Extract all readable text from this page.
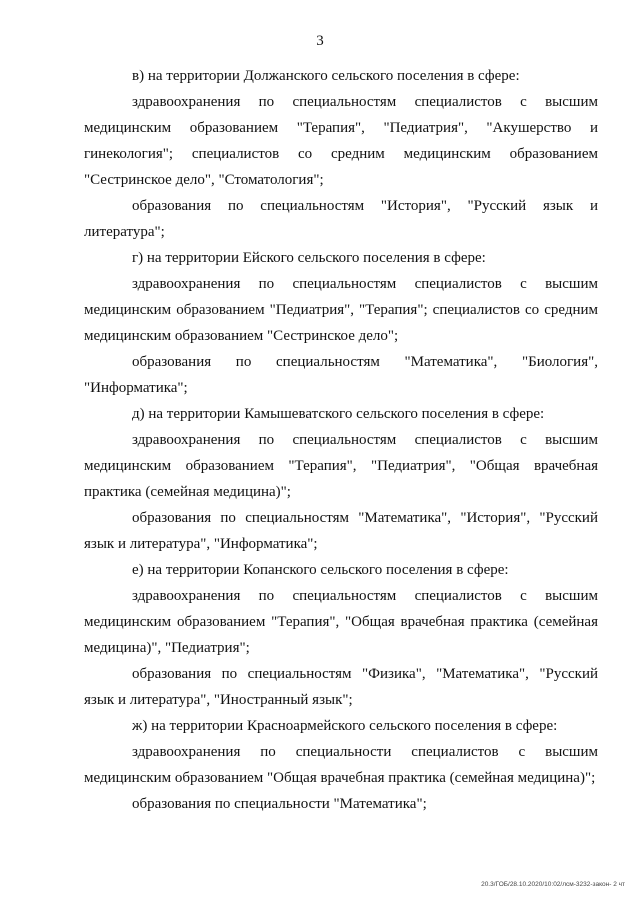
3

в) на территории Должанского сельского поселения в сфере:

здравоохранения по специальностям специалистов с высшим медицинским образованием "Терапия", "Педиатрия", "Акушерство и гинекология"; специалистов со средним медицинским образованием "Сестринское дело", "Стоматология";

образования по специальностям "История", "Русский язык и литература";

г) на территории Ейского сельского поселения в сфере:

здравоохранения по специальностям специалистов с высшим медицинским образованием "Педиатрия", "Терапия"; специалистов со средним медицинским образованием "Сестринское дело";

образования по специальностям "Математика", "Биология", "Информатика";

д) на территории Камышеватского сельского поселения в сфере:

здравоохранения по специальностям специалистов с высшим медицинским образованием "Терапия", "Педиатрия", "Общая врачебная практика (семейная медицина)";

образования по специальностям "Математика", "История", "Русский язык и литература", "Информатика";

е) на территории Копанского сельского поселения в сфере:

здравоохранения по специальностям специалистов с высшим медицинским образованием "Терапия", "Общая врачебная практика (семейная медицина)", "Педиатрия";

образования по специальностям "Физика", "Математика", "Русский язык и литература", "Иностранный язык";

ж) на территории Красноармейского сельского поселения в сфере:

здравоохранения по специальности специалистов с высшим медицинским образованием "Общая врачебная практика (семейная медицина)";

образования по специальности "Математика";

20.3/ГОБ/28.10.2020/10:02/лсм-3232-закон- 2 чт
